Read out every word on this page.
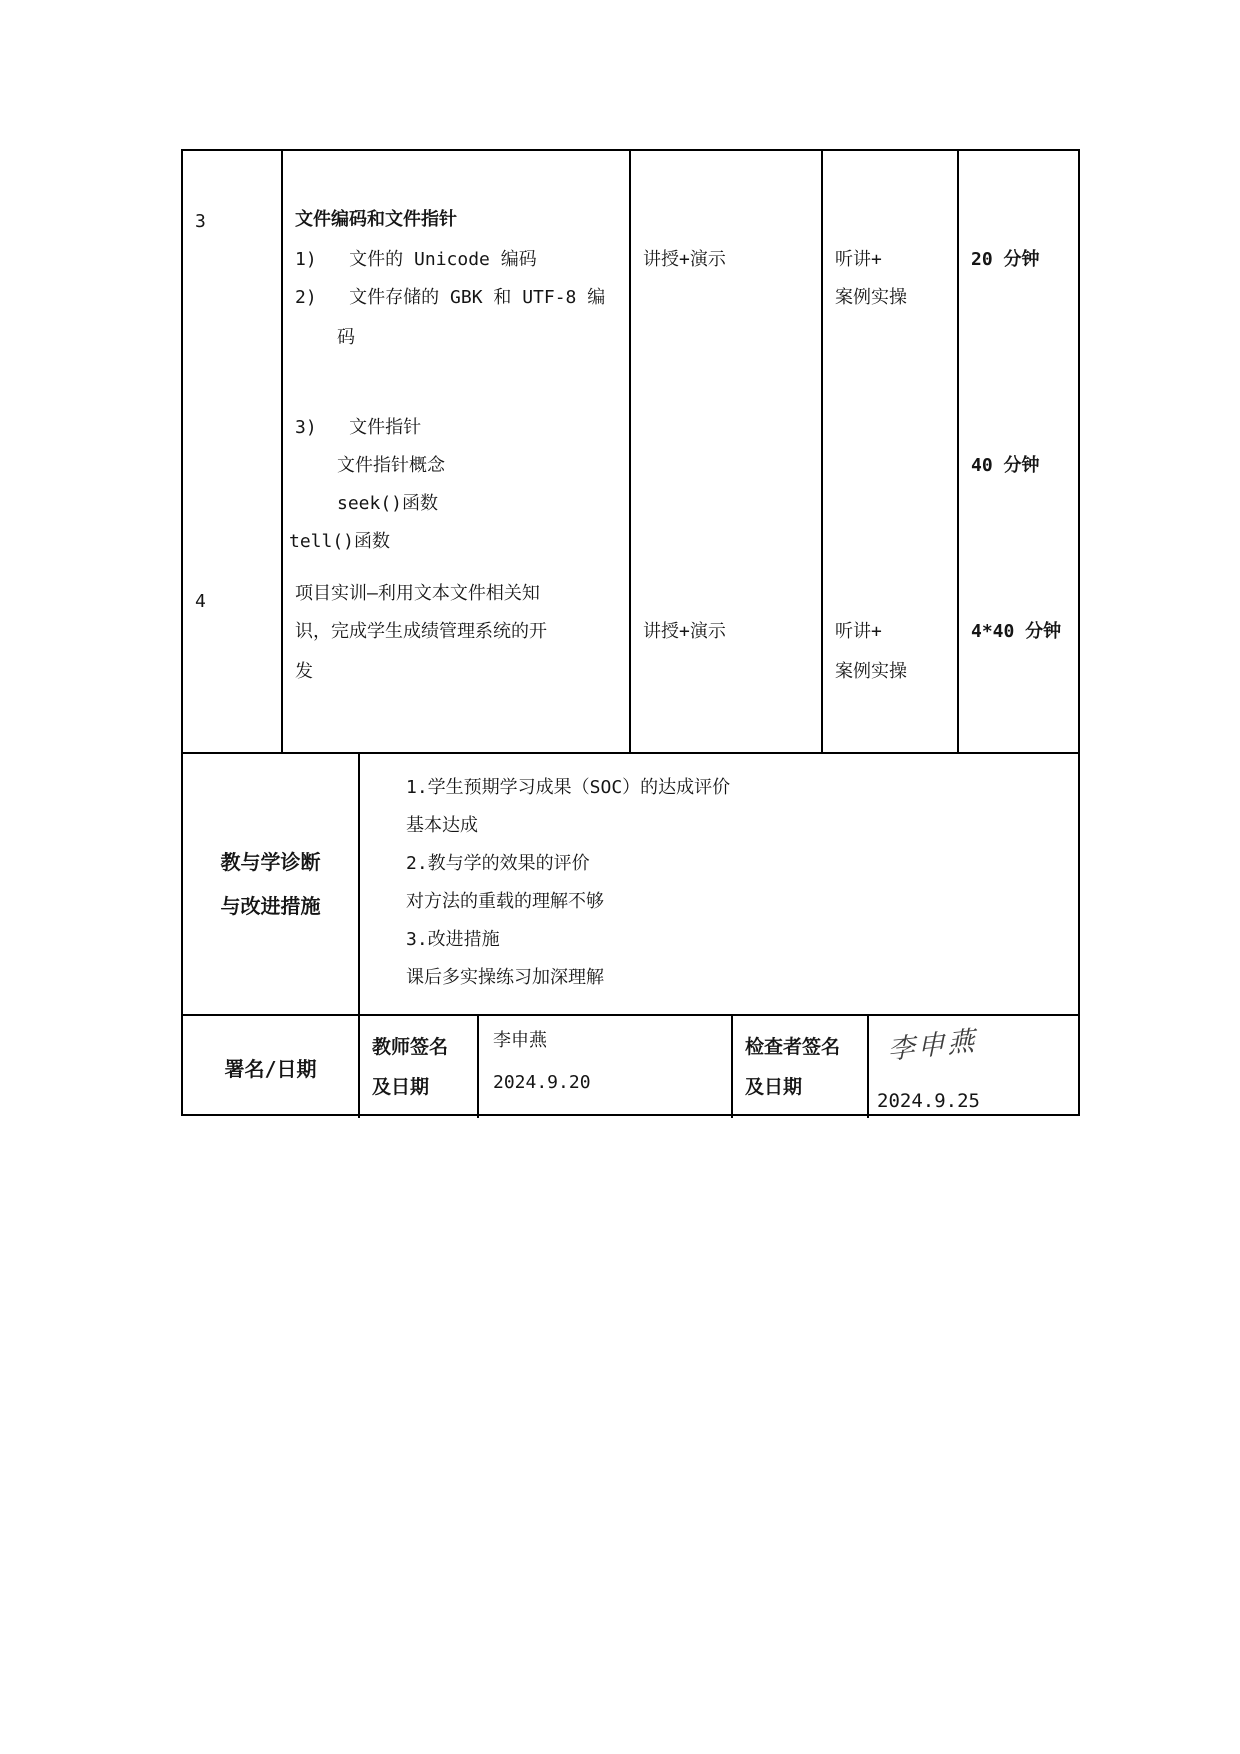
3
4
文件编码和文件指针
1)   文件的 Unicode 编码
2)   文件存储的 GBK 和 UTF-8 编
码
3)   文件指针
文件指针概念
seek()函数
tell()函数
项目实训—利用文本文件相关知
识，完成学生成绩管理系统的开
发
讲授+演示
讲授+演示
听讲+
案例实操
听讲+
案例实操
20 分钟
40 分钟
4*40 分钟
教与学诊断
与改进措施
1.学生预期学习成果（SOC）的达成评价
基本达成
2.教与学的效果的评价
对方法的重载的理解不够
3.改进措施
课后多实操练习加深理解
署名/日期
教师签名
及日期
李申燕
2024.9.20
检查者签名
及日期
李申燕
2024.9.25
